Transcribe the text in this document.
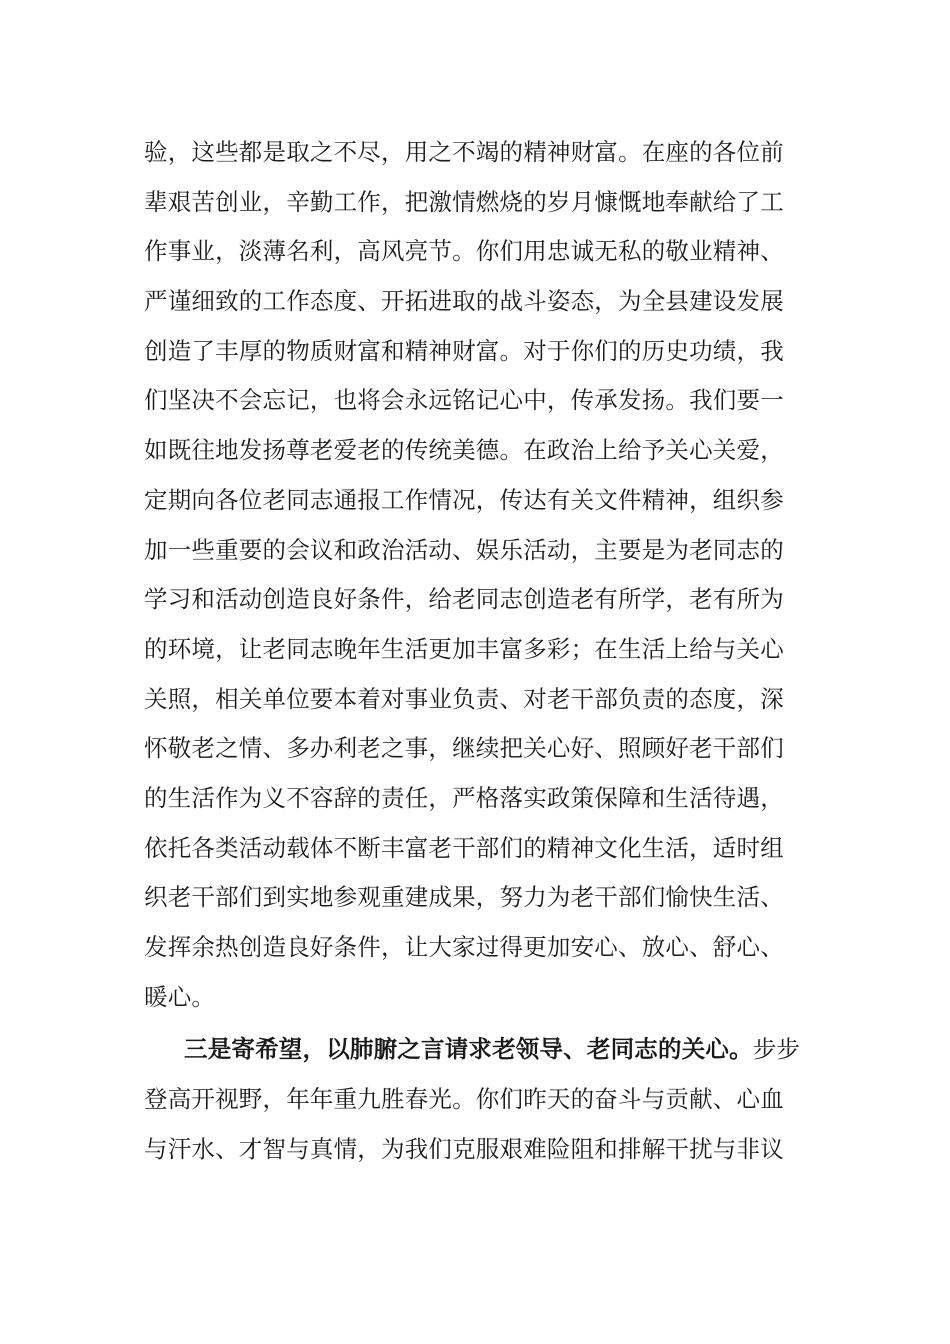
验，这些都是取之不尽，用之不竭的精神财富。在座的各位前
辈艰苦创业，辛勤工作，把激情燃烧的岁月慷慨地奉献给了工
作事业，淡薄名利，高风亮节。你们用忠诚无私的敬业精神、
严谨细致的工作态度、开拓进取的战斗姿态，为全县建设发展
创造了丰厚的物质财富和精神财富。对于你们的历史功绩，我
们坚决不会忘记，也将会永远铭记心中，传承发扬。我们要一
如既往地发扬尊老爱老的传统美德。在政治上给予关心关爱，
定期向各位老同志通报工作情况，传达有关文件精神，组织参
加一些重要的会议和政治活动、娱乐活动，主要是为老同志的
学习和活动创造良好条件，给老同志创造老有所学，老有所为
的环境，让老同志晚年生活更加丰富多彩；在生活上给与关心
关照，相关单位要本着对事业负责、对老干部负责的态度，深
怀敬老之情、多办利老之事，继续把关心好、照顾好老干部们
的生活作为义不容辞的责任，严格落实政策保障和生活待遇，
依托各类活动载体不断丰富老干部们的精神文化生活，适时组
织老干部们到实地参观重建成果，努力为老干部们愉快生活、
发挥余热创造良好条件，让大家过得更加安心、放心、舒心、
暖心。
三是寄希望，以肺腑之言请求老领导、老同志的关心。步步
登高开视野，年年重九胜春光。你们昨天的奋斗与贡献、心血
与汗水、才智与真情，为我们克服艰难险阻和排解干扰与非议
